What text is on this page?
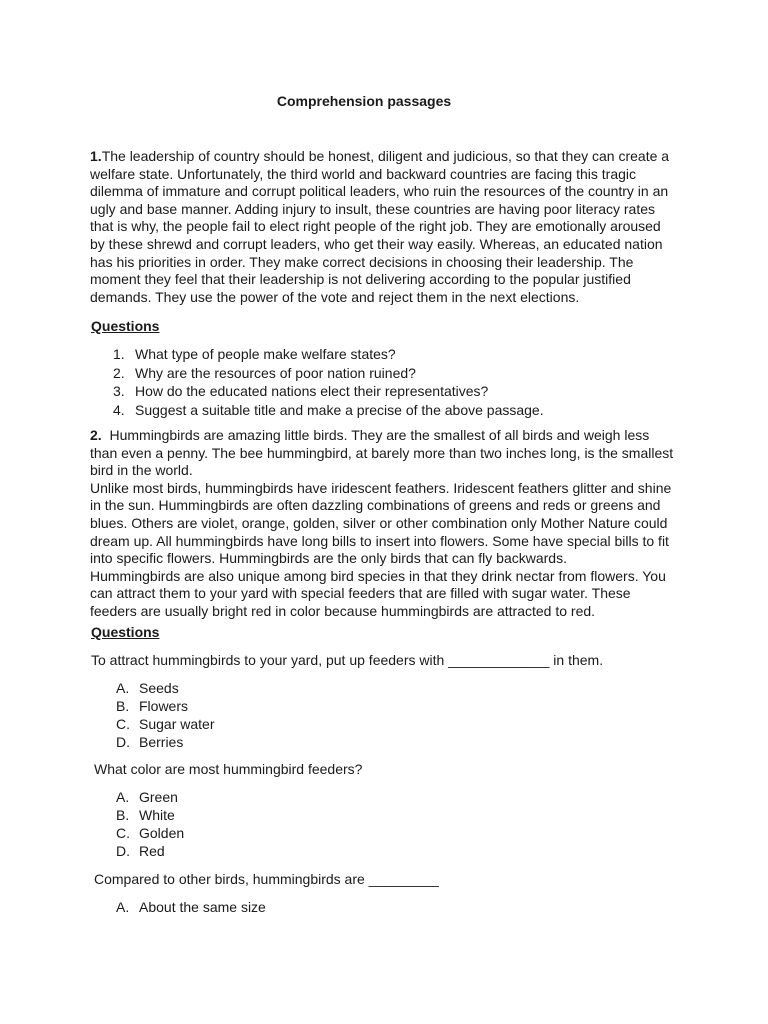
Comprehension passages

1.The leadership of country should be honest, diligent and judicious, so that they can create a welfare state. Unfortunately, the third world and backward countries are facing this tragic dilemma of immature and corrupt political leaders, who ruin the resources of the country in an ugly and base manner. Adding injury to insult, these countries are having poor literacy rates that is why, the people fail to elect right people of the right job. They are emotionally aroused by these shrewd and corrupt leaders, who get their way easily. Whereas, an educated nation has his priorities in order. They make correct decisions in choosing their leadership. The moment they feel that their leadership is not delivering according to the popular justified demands. They use the power of the vote and reject them in the next elections.

Questions
1. What type of people make welfare states?
2. Why are the resources of poor nation ruined?
3. How do the educated nations elect their representatives?
4. Suggest a suitable title and make a precise of the above passage.

2. Hummingbirds are amazing little birds. They are the smallest of all birds and weigh less than even a penny. The bee hummingbird, at barely more than two inches long, is the smallest bird in the world.

Unlike most birds, hummingbirds have iridescent feathers. Iridescent feathers glitter and shine in the sun. Hummingbirds are often dazzling combinations of greens and reds or greens and blues. Others are violet, orange, golden, silver or other combination only Mother Nature could dream up. All hummingbirds have long bills to insert into flowers. Some have special bills to fit into specific flowers. Hummingbirds are the only birds that can fly backwards.

Hummingbirds are also unique among bird species in that they drink nectar from flowers. You can attract them to your yard with special feeders that are filled with sugar water. These feeders are usually bright red in color because hummingbirds are attracted to red.

Questions
To attract hummingbirds to your yard, put up feeders with _____________ in them.
A. Seeds
B. Flowers
C. Sugar water
D. Berries
What color are most hummingbird feeders?
A. Green
B. White
C. Golden
D. Red
Compared to other birds, hummingbirds are _________
A. About the same size
